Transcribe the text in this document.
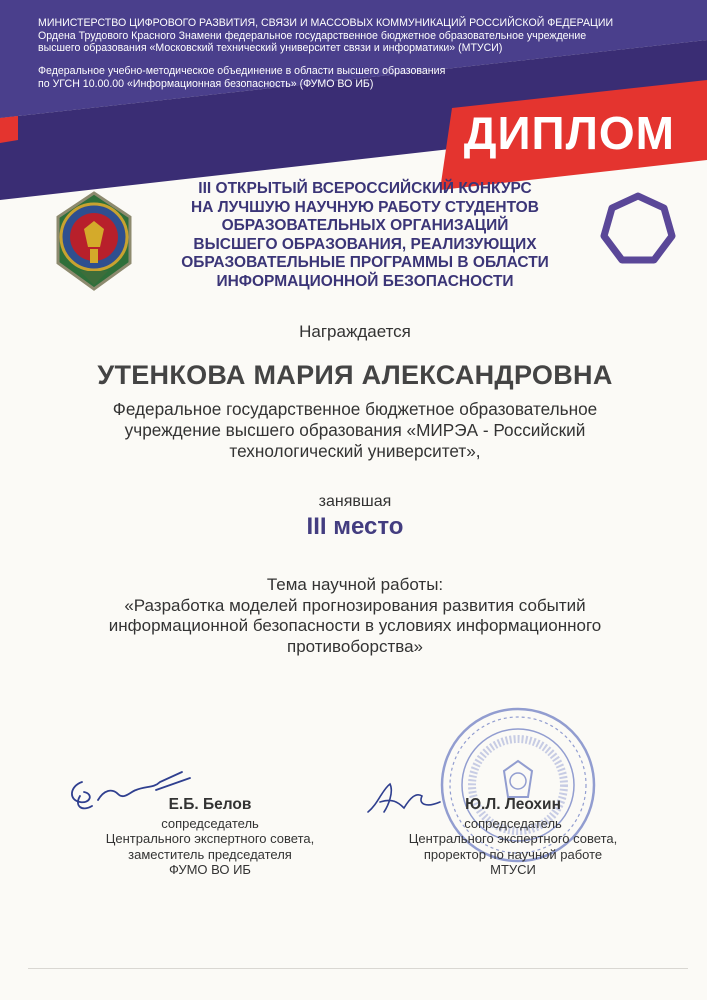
МИНИСТЕРСТВО ЦИФРОВОГО РАЗВИТИЯ, СВЯЗИ И МАССОВЫХ КОММУНИКАЦИЙ РОССИЙСКОЙ ФЕДЕРАЦИИ
Ордена Трудового Красного Знамени федеральное государственное бюджетное образовательное учреждение
высшего образования «Московский технический университет связи и информатики» (МТУСИ)
Федеральное учебно-методическое объединение в области высшего образования
по УГСН 10.00.00 «Информационная безопасность» (ФУМО ВО ИБ)
ДИПЛОМ
III ОТКРЫТЫЙ ВСЕРОССИЙСКИЙ КОНКУРС
НА ЛУЧШУЮ НАУЧНУЮ РАБОТУ СТУДЕНТОВ
ОБРАЗОВАТЕЛЬНЫХ ОРГАНИЗАЦИЙ
ВЫСШЕГО ОБРАЗОВАНИЯ, РЕАЛИЗУЮЩИХ
ОБРАЗОВАТЕЛЬНЫЕ ПРОГРАММЫ В ОБЛАСТИ
ИНФОРМАЦИОННОЙ БЕЗОПАСНОСТИ
Награждается
УТЕНКОВА МАРИЯ АЛЕКСАНДРОВНА
Федеральное государственное бюджетное образовательное
учреждение высшего образования «МИРЭА - Российский
технологический университет»,
занявшая
III место
Тема научной работы:
«Разработка моделей прогнозирования развития событий
информационной безопасности в условиях информационного
противоборства»
Е.Б. Белов
сопредседатель
Центрального экспертного совета,
заместитель председателя
ФУМО ВО ИБ
Ю.Л. Леохин
сопредседатель
Центрального экспертного совета,
проректор по научной работе
МТУСИ
